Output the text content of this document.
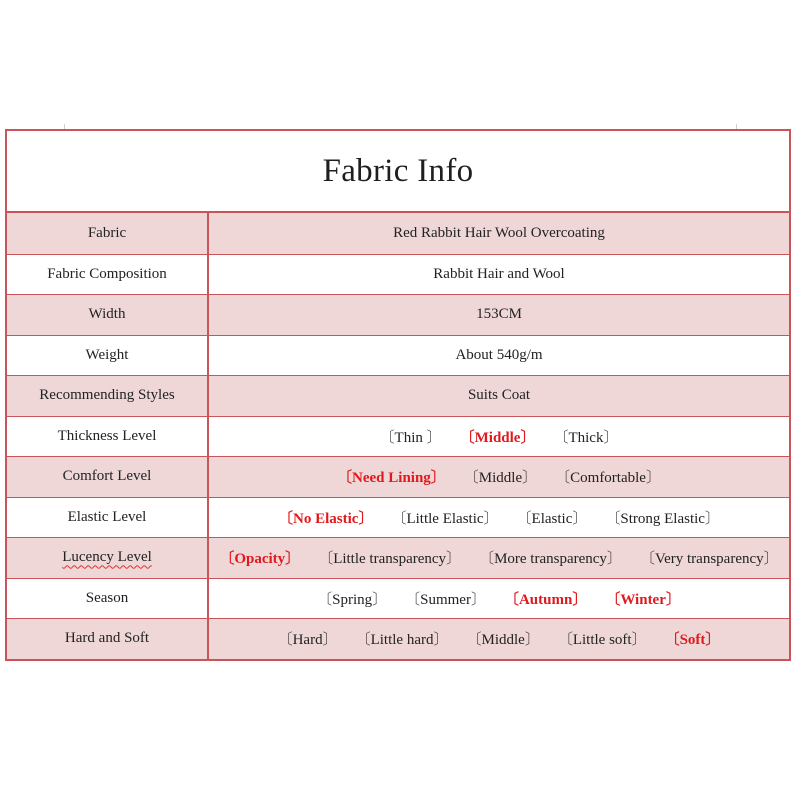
Fabric Info
Fabric	Red Rabbit Hair Wool Overcoating
Fabric Composition	Rabbit Hair and Wool
Width	153CM
Weight	About 540g/m
Recommending Styles	Suits Coat
Thickness Level	〔Thin 〕 〔Middle〕 〔Thick〕
Comfort Level	〔Need Lining〕 〔Middle〕 〔Comfortable〕
Elastic Level	〔No Elastic〕 〔Little Elastic〕 〔Elastic〕 〔Strong Elastic〕
Lucency Level	〔Opacity〕 〔Little transparency〕 〔More transparency〕 〔Very transparency〕
Season	〔Spring〕 〔Summer〕 〔Autumn〕 〔Winter〕
Hard and Soft	〔Hard〕 〔Little hard〕 〔Middle〕 〔Little soft〕 〔Soft〕
